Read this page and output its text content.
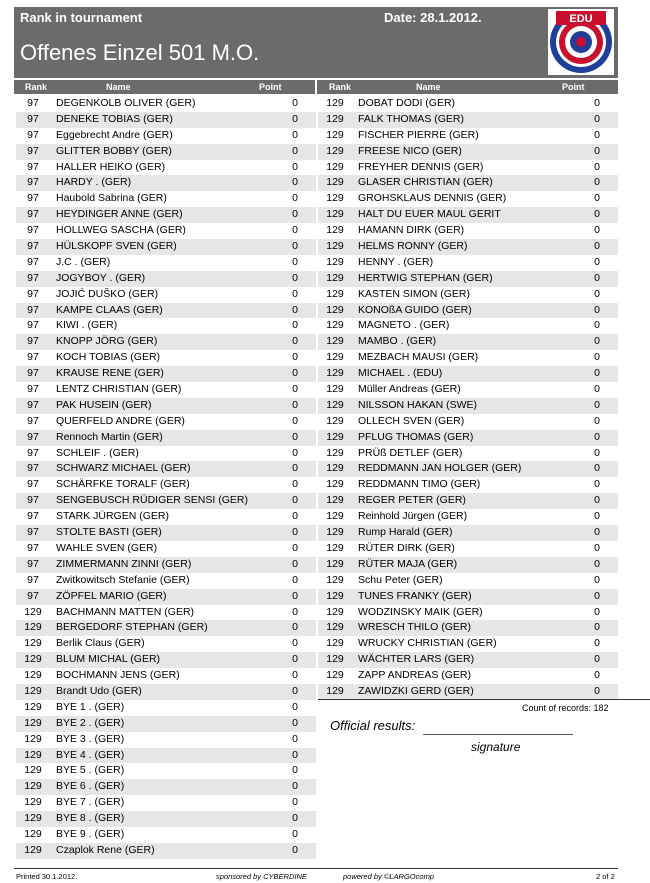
Rank in tournament	Date: 28.1.2012.
Offenes Einzel 501 M.O.
EDU
Rank	Name	Point	Rank	Name	Point
97	DEGENKOLB OLIVER (GER)	0
97	DENEKE TOBIAS (GER)	0
97	Eggebrecht Andre (GER)	0
97	GLITTER BOBBY (GER)	0
97	HALLER HEIKO (GER)	0
97	HARDY . (GER)	0
97	Haubold Sabrina (GER)	0
97	HEYDINGER ANNE (GER)	0
97	HOLLWEG SASCHA (GER)	0
97	HÜLSKOPF SVEN (GER)	0
97	J.C . (GER)	0
97	JOGYBOY . (GER)	0
97	JOJIĆ DUŠKO (GER)	0
97	KAMPE CLAAS (GER)	0
97	KIWI . (GER)	0
97	KNOPP JÖRG (GER)	0
97	KOCH TOBIAS (GER)	0
97	KRAUSE RENE (GER)	0
97	LENTZ CHRISTIAN (GER)	0
97	PAK HUSEIN (GER)	0
97	QUERFELD ANDRE (GER)	0
97	Rennoch Martin (GER)	0
97	SCHLEIF . (GER)	0
97	SCHWARZ MICHAEL (GER)	0
97	SCHÄRFKE TORALF (GER)	0
97	SENGEBUSCH RÜDIGER SENSI (GER)	0
97	STARK JÜRGEN (GER)	0
97	STOLTE BASTI (GER)	0
97	WAHLE SVEN (GER)	0
97	ZIMMERMANN ZINNI (GER)	0
97	Zwitkowitsch Stefanie (GER)	0
97	ZÖPFEL MARIO (GER)	0
129	BACHMANN MATTEN (GER)	0
129	BERGEDORF STEPHAN (GER)	0
129	Berlik Claus (GER)	0
129	BLUM MICHAL (GER)	0
129	BOCHMANN JENS (GER)	0
129	Brandt Udo (GER)	0
129	BYE 1 . (GER)	0
129	BYE 2 . (GER)	0
129	BYE 3 . (GER)	0
129	BYE 4 . (GER)	0
129	BYE 5 . (GER)	0
129	BYE 6 . (GER)	0
129	BYE 7 . (GER)	0
129	BYE 8 . (GER)	0
129	BYE 9 . (GER)	0
129	Czaplok Rene (GER)	0
129	DOBAT DODI (GER)	0
129	FALK THOMAS (GER)	0
129	FISCHER PIERRE (GER)	0
129	FREESE NICO (GER)	0
129	FREYHER DENNIS (GER)	0
129	GLASER CHRISTIAN (GER)	0
129	GROHSKLAUS DENNIS (GER)	0
129	HALT DU EUER MAUL GERIT	0
129	HAMANN DIRK (GER)	0
129	HELMS RONNY (GER)	0
129	HENNY . (GER)	0
129	HERTWIG STEPHAN (GER)	0
129	KASTEN SIMON (GER)	0
129	KONOßA GUIDO (GER)	0
129	MAGNETO . (GER)	0
129	MAMBO . (GER)	0
129	MEZBACH MAUSI (GER)	0
129	MICHAEL . (EDU)	0
129	Müller Andreas (GER)	0
129	NILSSON HAKAN (SWE)	0
129	OLLECH SVEN (GER)	0
129	PFLUG THOMAS (GER)	0
129	PRÜß DETLEF (GER)	0
129	REDDMANN JAN HOLGER (GER)	0
129	REDDMANN TIMO (GER)	0
129	REGER PETER (GER)	0
129	Reinhold Jürgen (GER)	0
129	Rump Harald (GER)	0
129	RÜTER DIRK (GER)	0
129	RÜTER MAJA (GER)	0
129	Schu Peter (GER)	0
129	TUNES FRANKY (GER)	0
129	WODZINSKY MAIK (GER)	0
129	WRESCH THILO (GER)	0
129	WRUCKY CHRISTIAN (GER)	0
129	WÄCHTER LARS (GER)	0
129	ZAPP ANDREAS (GER)	0
129	ZAWIDZKI GERD (GER)	0
Count of records: 182
Official results:
signature
Printed 30.1.2012.	sponsored by CYBERDINE	powered by ©LARGOcomp	2 of 2
